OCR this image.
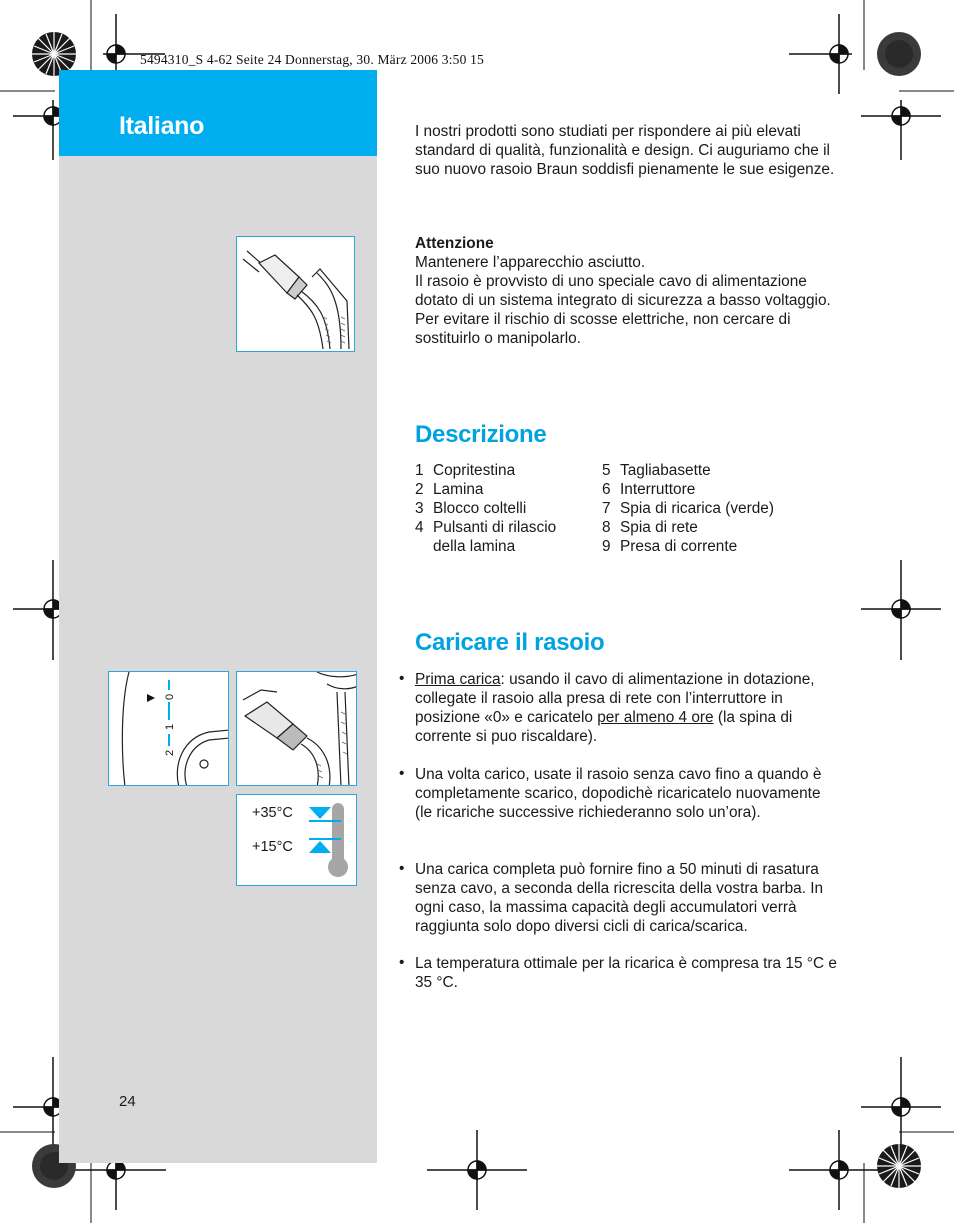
5494310_S 4-62 Seite 24 Donnerstag, 30. März 2006 3:50 15
Italiano	I nostri prodotti sono studiati per rispondere ai più elevati standard di qualità, funzionalità e design. Ci auguriamo che il suo nuovo rasoio Braun soddisfi pienamente le sue esigenze.
Attenzione
Mantenere l’apparecchio asciutto.
Il rasoio è provvisto di uno speciale cavo di alimentazione dotato di un sistema integrato di sicurezza a basso voltaggio. Per evitare il rischio di scosse elettriche, non cercare di sostituirlo o manipolarlo.
Descrizione
1 Copritestina
2 Lamina
3 Blocco coltelli
4 Pulsanti di rilascio della lamina
5 Tagliabasette
6 Interruttore
7 Spia di ricarica (verde)
8 Spia di rete
9 Presa di corrente
Caricare il rasoio
• Prima carica: usando il cavo di alimentazione in dotazione, collegate il rasoio alla presa di rete con l’interruttore in posizione «0» e caricatelo per almeno 4 ore (la spina di corrente si puo riscaldare).
• Una volta carico, usate il rasoio senza cavo fino a quando è completamente scarico, dopodichè ricaricatelo nuovamente (le ricariche successive richiederanno solo un’ora).
• Una carica completa può fornire fino a 50 minuti di rasatura senza cavo, a seconda della ricrescita della vostra barba. In ogni caso, la massima capacità degli accumulatori verrà raggiunta solo dopo diversi cicli di carica/scarica.
• La temperatura ottimale per la ricarica è compresa tra 15 °C e 35 °C.
0
1
2
+35°C
+15°C
24
